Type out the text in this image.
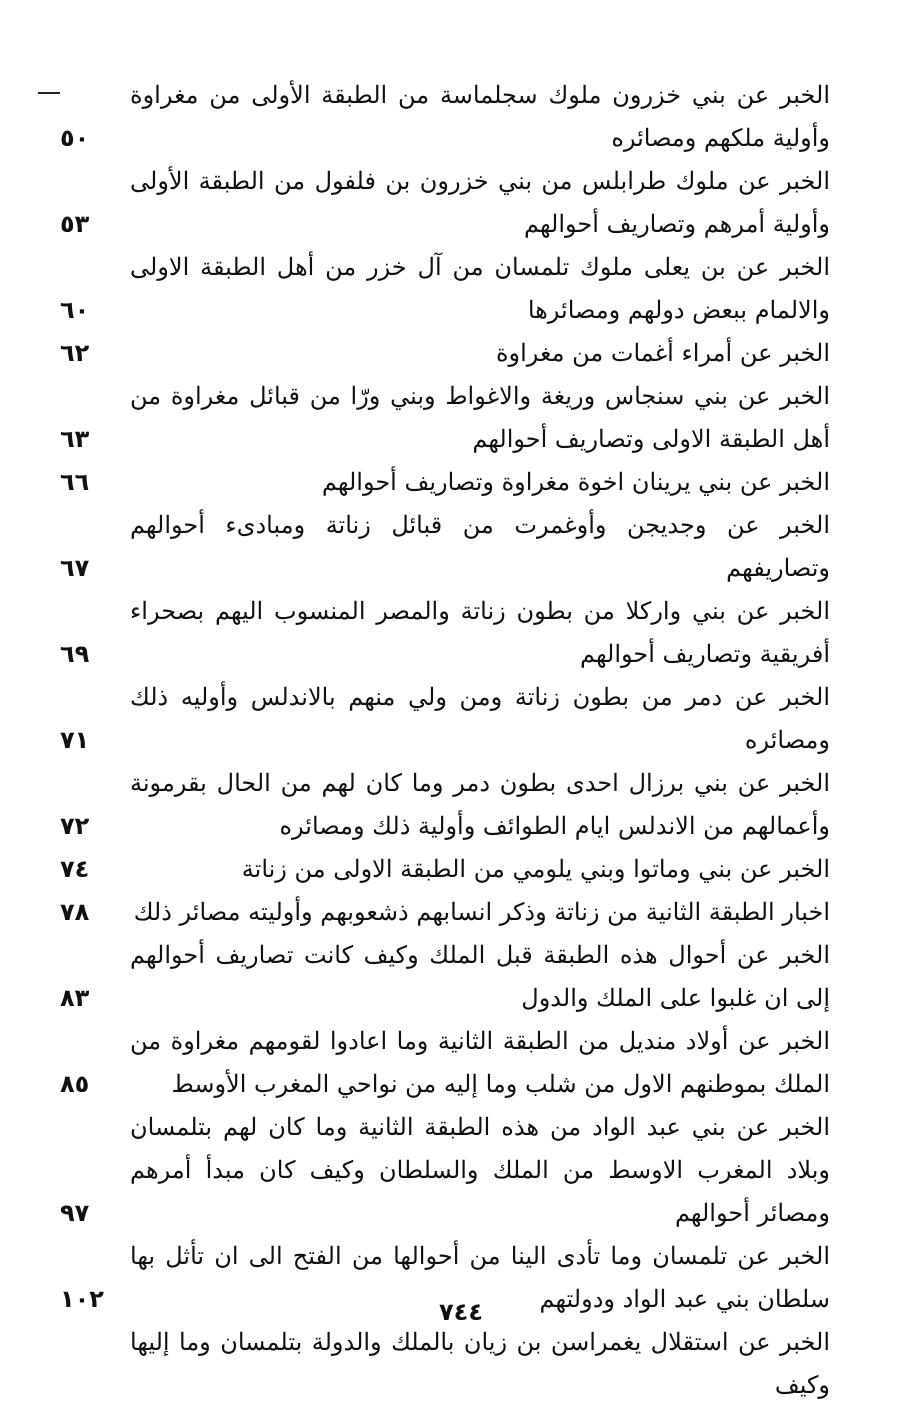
الخبر عن بني خزرون ملوك سجلماسة من الطبقة الأولى من مغراوة وأولية ملكهم ومصائره
٥٠
الخبر عن ملوك طرابلس من بني خزرون بن فلفول من الطبقة الأولى وأولية أمرهم وتصاريف أحوالهم
٥٣
الخبر عن بن يعلى ملوك تلمسان من آل خزر من أهل الطبقة الاولى والالمام ببعض دولهم ومصائرها
٦٠
الخبر عن أمراء أغمات من مغراوة
٦٢
الخبر عن بني سنجاس وريغة والاغواط وبني ورّا من قبائل مغراوة من أهل الطبقة الاولى وتصاريف أحوالهم
٦٣
الخبر عن بني يرينان اخوة مغراوة وتصاريف أحوالهم
٦٦
الخبر عن وجديجن وأوغمرت من قبائل زناتة ومبادىء أحوالهم وتصاريفهم
٦٧
الخبر عن بني واركلا من بطون زناتة والمصر المنسوب اليهم بصحراء أفريقية وتصاريف أحوالهم
٦٩
الخبر عن دمر من بطون زناتة ومن ولي منهم بالاندلس وأوليه ذلك ومصائره
٧١
الخبر عن بني برزال احدى بطون دمر وما كان لهم من الحال بقرمونة وأعمالهم من الاندلس ايام الطوائف وأولية ذلك ومصائره
٧٢
الخبر عن بني وماتوا وبني يلومي من الطبقة الاولى من زناتة
٧٤
اخبار الطبقة الثانية من زناتة وذكر انسابهم ذشعوبهم وأوليته مصائر ذلك
٧٨
الخبر عن أحوال هذه الطبقة قبل الملك وكيف كانت تصاريف أحوالهم إلى ان غلبوا على الملك والدول
٨٣
الخبر عن أولاد منديل من الطبقة الثانية وما اعادوا لقومهم مغراوة من الملك بموطنهم الاول من شلب وما إليه من نواحي المغرب الأوسط
٨٥
الخبر عن بني عبد الواد من هذه الطبقة الثانية وما كان لهم بتلمسان وبلاد المغرب الاوسط من الملك والسلطان وكيف كان مبدأ أمرهم ومصائر أحوالهم
٩٧
الخبر عن تلمسان وما تأدى الينا من أحوالها من الفتح الى ان تأثل بها سلطان بني عبد الواد ودولتهم
١٠٢
الخبر عن استقلال يغمراسن بن زيان بالملك والدولة بتلمسان وما إليها وكيف
٧٤٤
